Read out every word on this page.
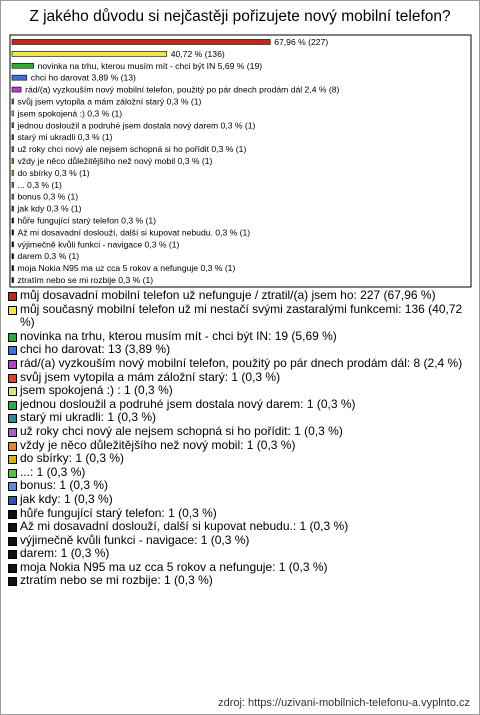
Z jakého důvodu si nejčastěji pořizujete nový mobilní telefon?
67,96 % (227)
40,72 % (136)
novinka na trhu, kterou musím mít - chci být IN 5,69 % (19)
chci ho darovat 3,89 % (13)
rád/(a) vyzkouším nový mobilní telefon, použitý po pár dnech prodám dál 2,4 % (8)
svůj jsem vytopila a mám záložní starý 0,3 % (1)
jsem spokojená :) 0,3 % (1)
jednou dosloužil a podruhé jsem dostala nový darem 0,3 % (1)
starý mi ukradli 0,3 % (1)
už roky chci nový ale nejsem schopná si ho pořídit 0,3 % (1)
vždy je něco důležitějšího než nový mobil 0,3 % (1)
do sbírky 0,3 % (1)
... 0,3 % (1)
bonus 0,3 % (1)
jak kdy 0,3 % (1)
hůře fungující starý telefon 0,3 % (1)
Až mi dosavadní doslouží, další si kupovat nebudu. 0,3 % (1)
výjimečně kvůli funkci - navigace 0,3 % (1)
darem 0,3 % (1)
moja Nokia N95 ma uz cca 5 rokov a nefunguje 0,3 % (1)
ztratím nebo se mi rozbije 0,3 % (1)
můj dosavadní mobilní telefon už nefunguje / ztratil/(a) jsem ho: 227 (67,96 %)
můj současný mobilní telefon už mi nestačí svými zastaralými funkcemi: 136 (40,72 %)
novinka na trhu, kterou musím mít - chci být IN: 19 (5,69 %)
chci ho darovat: 13 (3,89 %)
rád/(a) vyzkouším nový mobilní telefon, použitý po pár dnech prodám dál: 8 (2,4 %)
svůj jsem vytopila a mám záložní starý: 1 (0,3 %)
jsem spokojená :) : 1 (0,3 %)
jednou dosloužil a podruhé jsem dostala nový darem: 1 (0,3 %)
starý mi ukradli: 1 (0,3 %)
už roky chci nový ale nejsem schopná si ho pořídit: 1 (0,3 %)
vždy je něco důležitějšího než nový mobil: 1 (0,3 %)
do sbírky: 1 (0,3 %)
...: 1 (0,3 %)
bonus: 1 (0,3 %)
jak kdy: 1 (0,3 %)
hůře fungující starý telefon: 1 (0,3 %)
Až mi dosavadní doslouží, další si kupovat nebudu.: 1 (0,3 %)
výjimečně kvůli funkci - navigace: 1 (0,3 %)
darem: 1 (0,3 %)
moja Nokia N95 ma uz cca 5 rokov a nefunguje: 1 (0,3 %)
ztratím nebo se mi rozbije: 1 (0,3 %)
zdroj: https://uzivani-mobilnich-telefonu-a.vyplnto.cz
